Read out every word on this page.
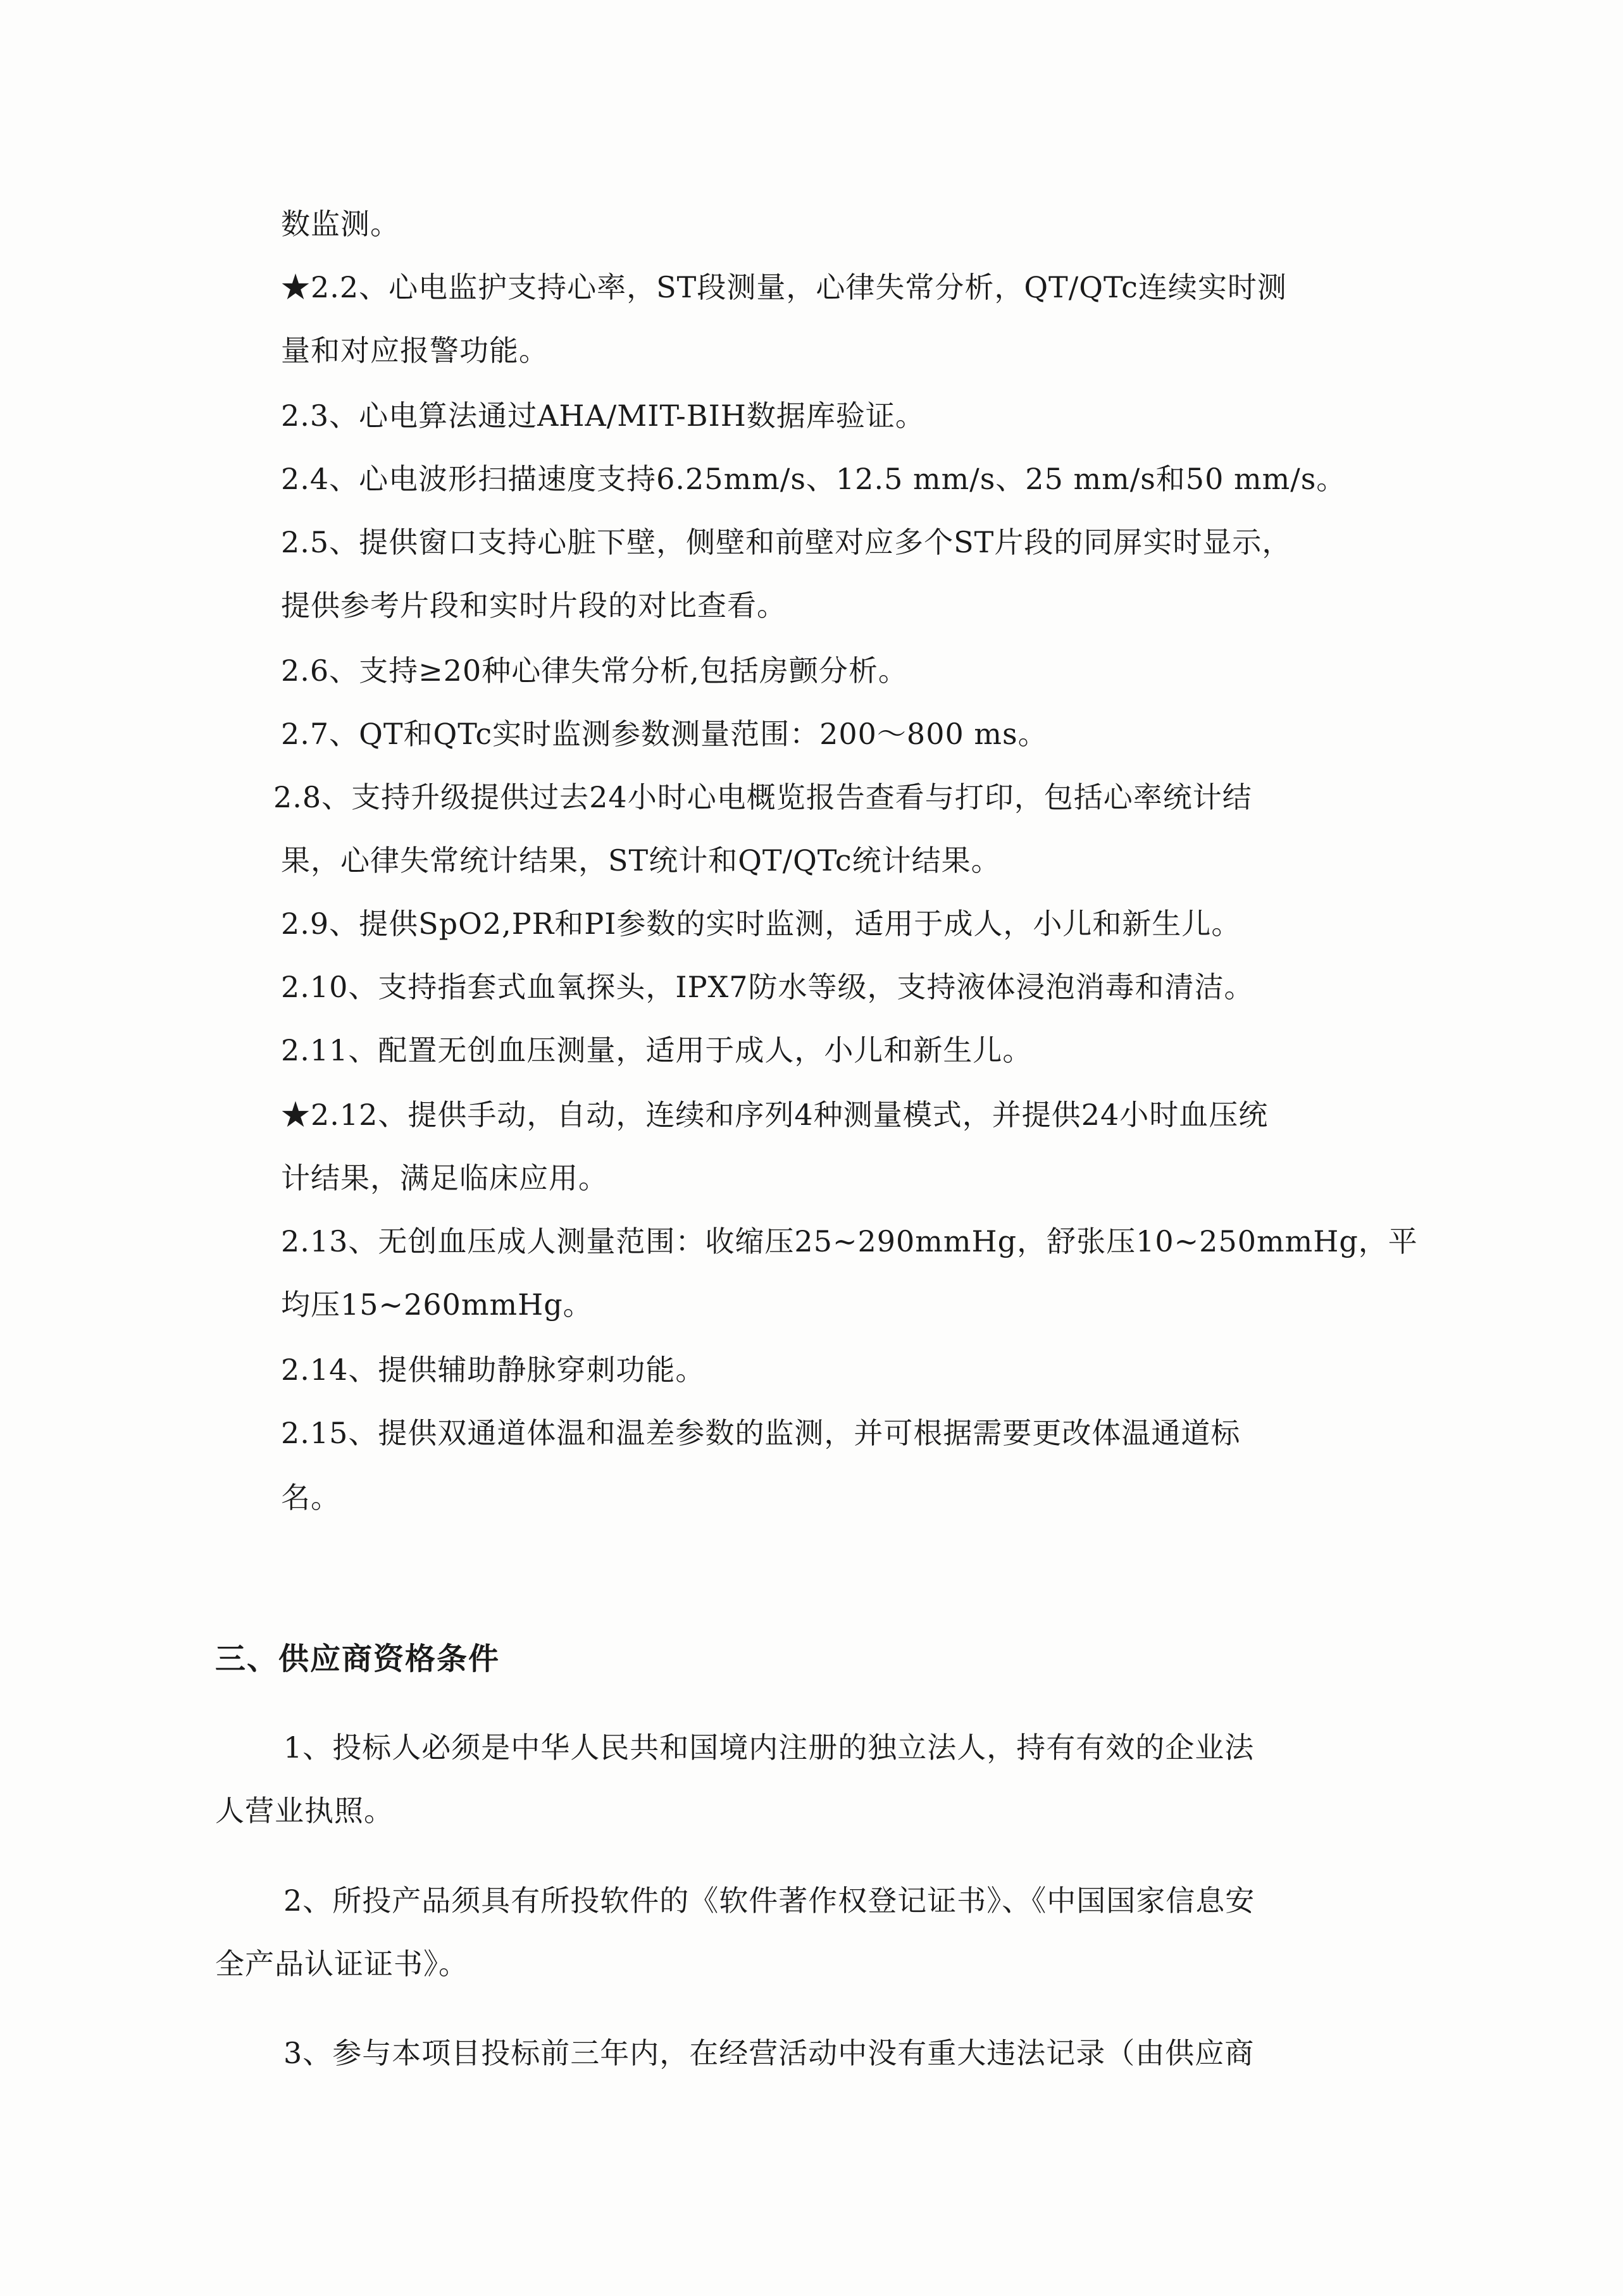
数监测。
★2.2、心电监护支持心率，ST段测量，心律失常分析，QT/QTc连续实时测
量和对应报警功能。
2.3、心电算法通过AHA/MIT-BIH数据库验证。
2.4、心电波形扫描速度支持6.25mm/s、12.5 mm/s、25 mm/s和50 mm/s。
2.5、提供窗口支持心脏下壁，侧壁和前壁对应多个ST片段的同屏实时显示，
提供参考片段和实时片段的对比查看。
2.6、支持≥20种心律失常分析,包括房颤分析。
2.7、QT和QTc实时监测参数测量范围：200～800 ms。
2.8、支持升级提供过去24小时心电概览报告查看与打印，包括心率统计结
果，心律失常统计结果，ST统计和QT/QTc统计结果。
2.9、提供SpO2,PR和PI参数的实时监测，适用于成人，小儿和新生儿。
2.10、支持指套式血氧探头，IPX7防水等级，支持液体浸泡消毒和清洁。
2.11、配置无创血压测量，适用于成人，小儿和新生儿。
★2.12、提供手动，自动，连续和序列4种测量模式，并提供24小时血压统
计结果，满足临床应用。
2.13、无创血压成人测量范围：收缩压25~290mmHg，舒张压10~250mmHg，平
均压15~260mmHg。
2.14、提供辅助静脉穿刺功能。
2.15、提供双通道体温和温差参数的监测，并可根据需要更改体温通道标
名。
三、供应商资格条件
1、投标人必须是中华人民共和国境内注册的独立法人，持有有效的企业法
人营业执照。
2、所投产品须具有所投软件的《软件著作权登记证书》、《中国国家信息安
全产品认证证书》。
3、参与本项目投标前三年内，在经营活动中没有重大违法记录（由供应商
